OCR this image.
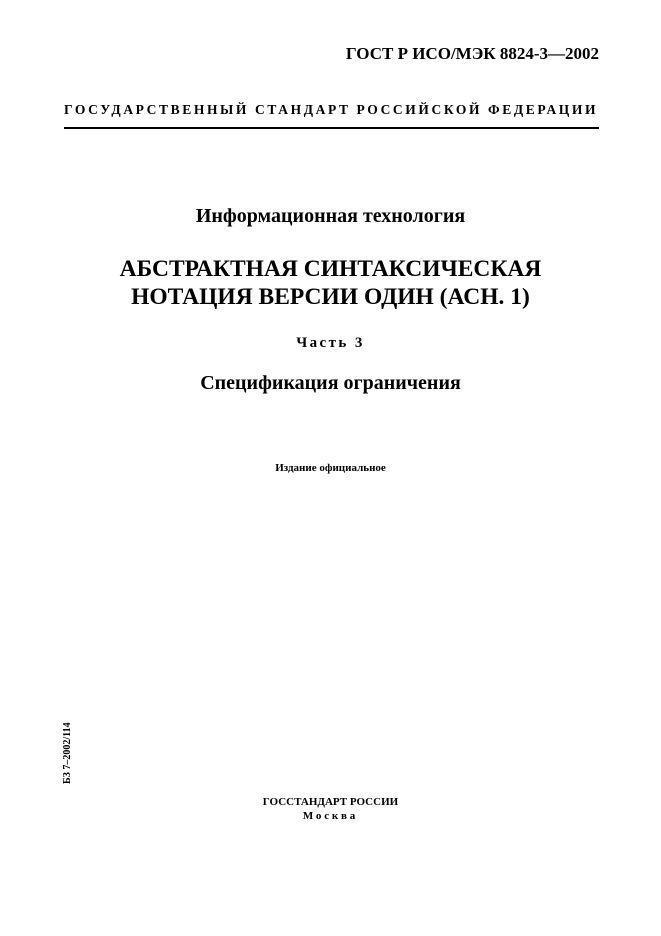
ГОСТ Р ИСО/МЭК 8824-3—2002
ГОСУДАРСТВЕННЫЙ СТАНДАРТ РОССИЙСКОЙ ФЕДЕРАЦИИ
Информационная технология
АБСТРАКТНАЯ СИНТАКСИЧЕСКАЯ
НОТАЦИЯ ВЕРСИИ ОДИН (АСН. 1)
Часть 3
Спецификация ограничения
Издание официальное
БЗ 7–2002/114
ГОССТАНДАРТ РОССИИ
Москва
